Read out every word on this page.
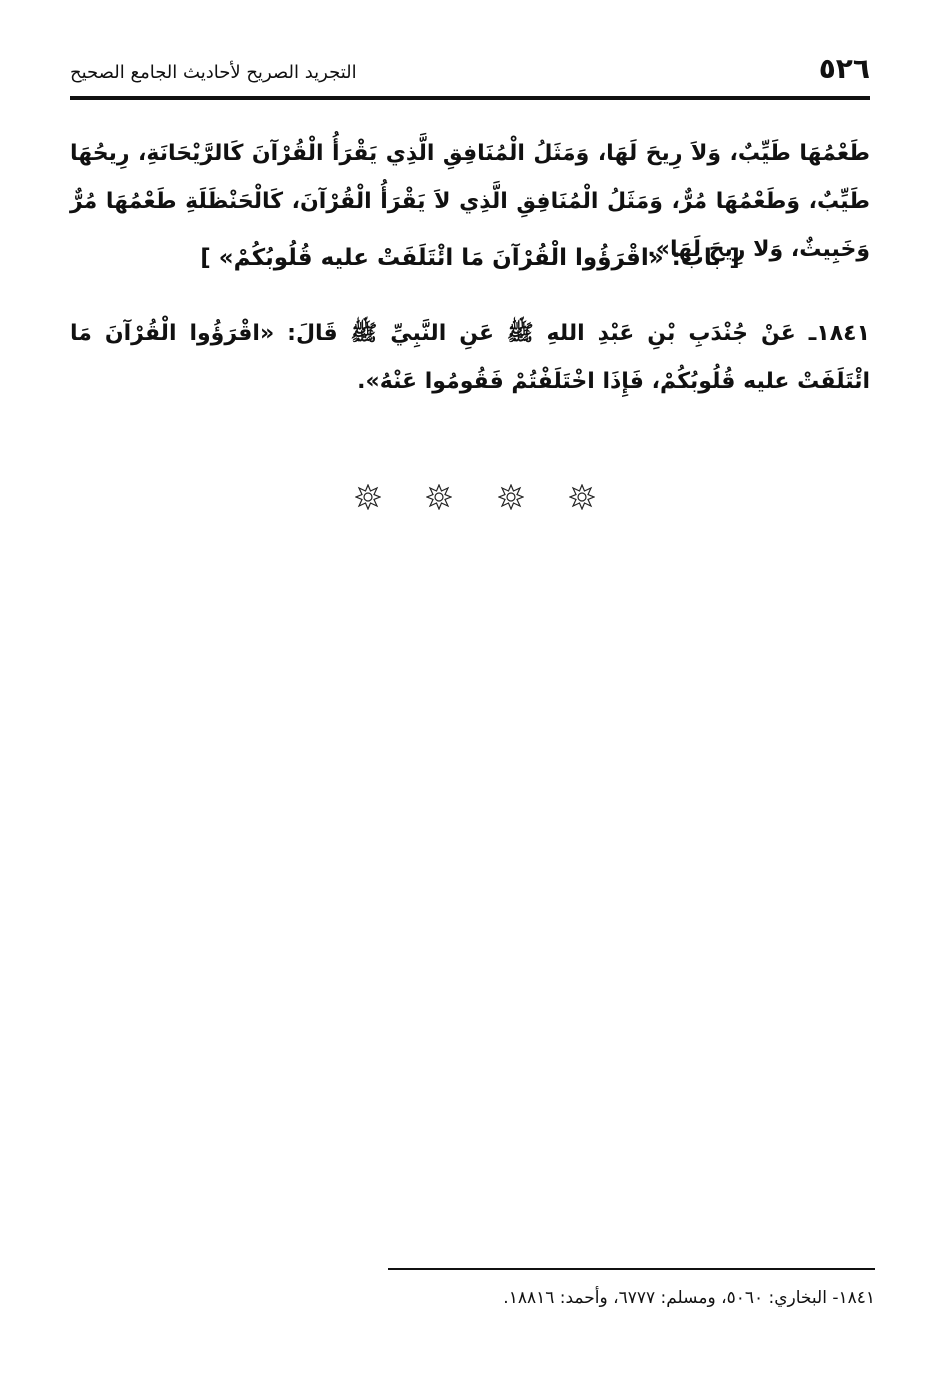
٥٢٦
التجريد الصريح لأحاديث الجامع الصحيح
طَعْمُهَا طَيِّبٌ، وَلاَ رِيحَ لَهَا، وَمَثَلُ الْمُنَافِقِ الَّذِي يَقْرَأُ الْقُرْآنَ كَالرَّيْحَانَةِ، رِيحُهَا طَيِّبٌ، وَطَعْمُهَا مُرٌّ، وَمَثَلُ الْمُنَافِقِ الَّذِي لاَ يَقْرَأُ الْقُرْآنَ، كَالْحَنْظَلَةِ طَعْمُهَا مُرٌّ وَخَبِيثٌ، وَلا رِيحَ لَهَا».
[ باب: «اقْرَؤُوا الْقُرْآنَ مَا ائْتَلَفَتْ عليه قُلُوبُكُمْ» ]
١٨٤١ـ عَنْ جُنْدَبِ بْنِ عَبْدِ اللهِ ﷺ عَنِ النَّبِيِّ ﷺ قَالَ: «اقْرَؤُوا الْقُرْآنَ مَا ائْتَلَفَتْ عليه قُلُوبُكُمْ، فَإِذَا اخْتَلَفْتُمْ فَقُومُوا عَنْهُ».
١٨٤١- البخاري: ٥٠٦٠، ومسلم: ٦٧٧٧، وأحمد: ١٨٨١٦.
